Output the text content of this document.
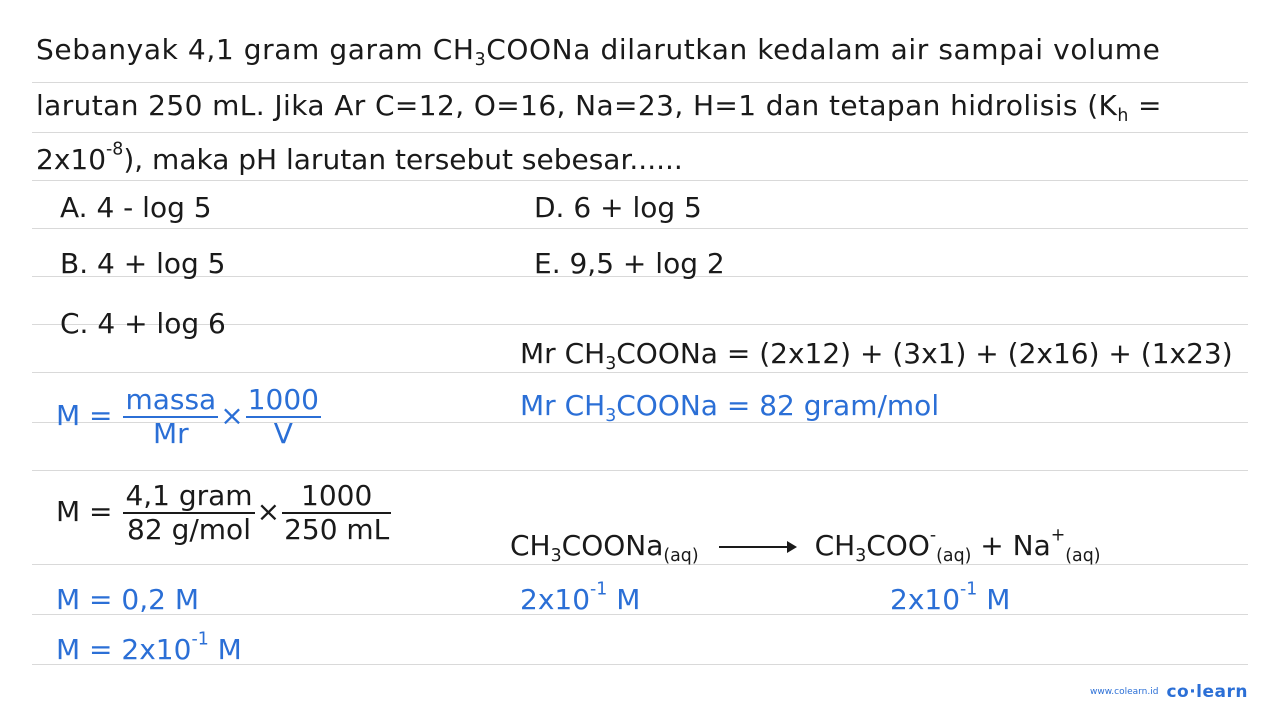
Sebanyak 4,1 gram garam $CH_3COONa$ dilarutkan kedalam air sampai volume
larutan 250 mL. Jika Ar C=12, O=16, Na=23, H=1 dan tetapan hidrolisis ($K_h$ =
$2x10^{-8}$), maka pH larutan tersebut sebesar......
A. 4 - log 5
B. 4 + log 5
C. 4 + log 6
D. 6 + log 5
E. 9,5 + log 2
$M = \frac{\text{massa}}{Mr} \times \frac{1000}{V}$
$M = \frac{\text{4,1 gram}}{\text{82 g/mol}} \times \frac{1000}{250 mL}$
M = 0,2 M
$M = 2x10^{-1}$ M
Mr $CH_3COONa = (2x12) + (3x1) + (2x16) + (1x23)$
Mr $CH_3COONa = 82$ gram/mol
$CH_3COONa_{(aq)} \to CH_3COO^-_{(aq)} + Na^+_{(aq)}$
$2x10^{-1}$ M	$2x10^{-1}$ M
www.colearn.id co·learn
